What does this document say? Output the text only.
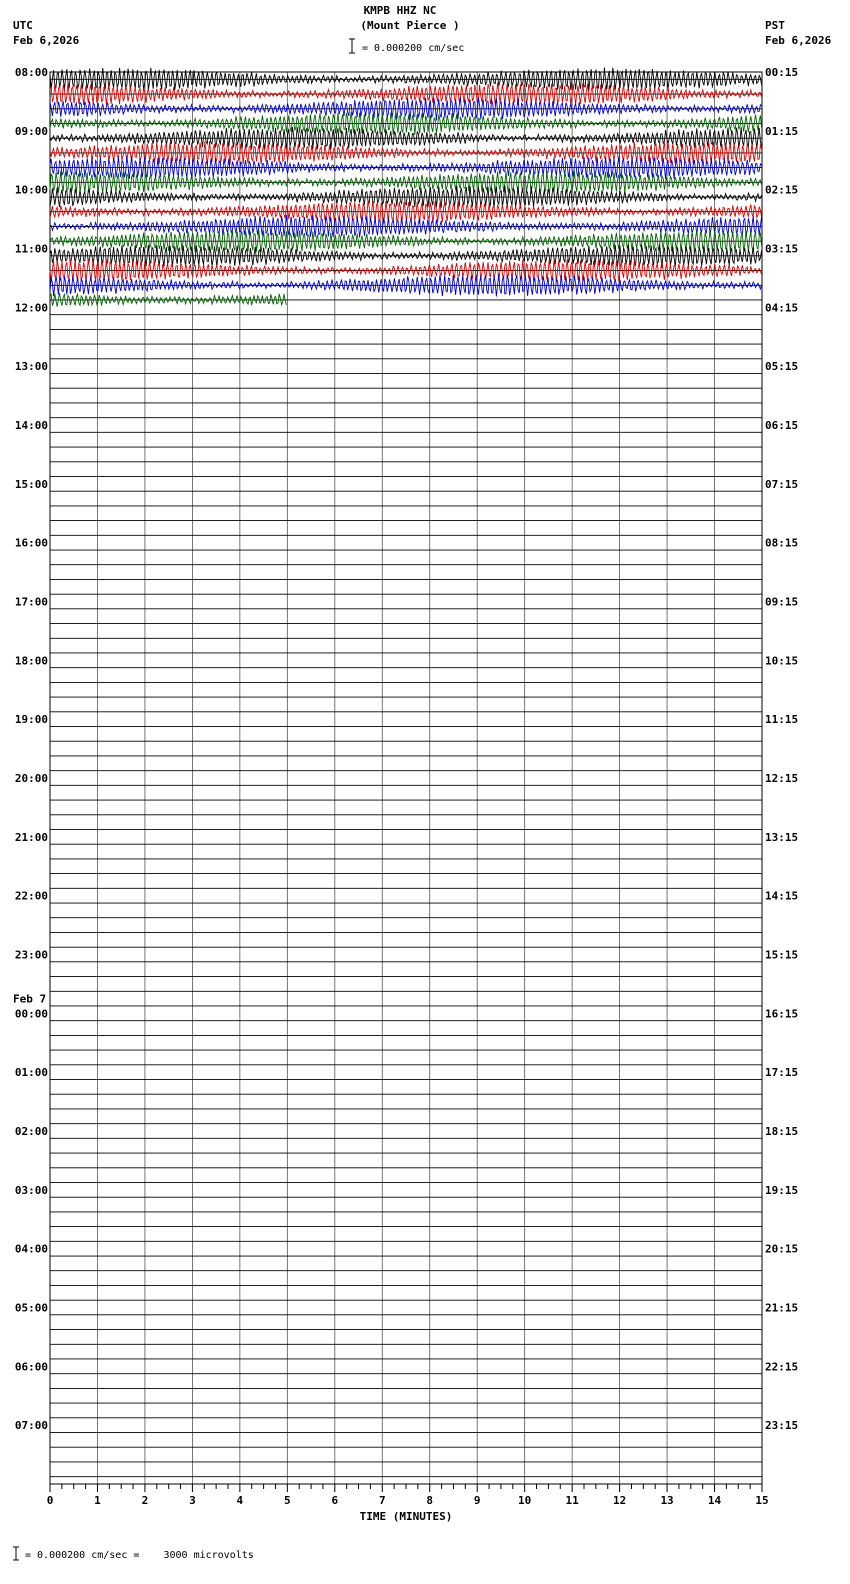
KMPB HHZ NC
(Mount Pierce )
= 0.000200 cm/sec
UTC
Feb 6,2026
PST
Feb 6,2026
= 0.000200 cm/sec =    3000 microvolts
08:00
09:00
10:00
11:00
12:00
13:00
14:00
15:00
16:00
17:00
18:00
19:00
20:00
21:00
22:00
23:00
00:00
01:00
02:00
03:00
04:00
05:00
06:00
07:00
00:15
01:15
02:15
03:15
04:15
05:15
06:15
07:15
08:15
09:15
10:15
11:15
12:15
13:15
14:15
15:15
16:15
17:15
18:15
19:15
20:15
21:15
22:15
23:15
Feb 7
0	1	2	3	4	5	6	7	8	9	10	11	12	13	14	15
TIME (MINUTES)
